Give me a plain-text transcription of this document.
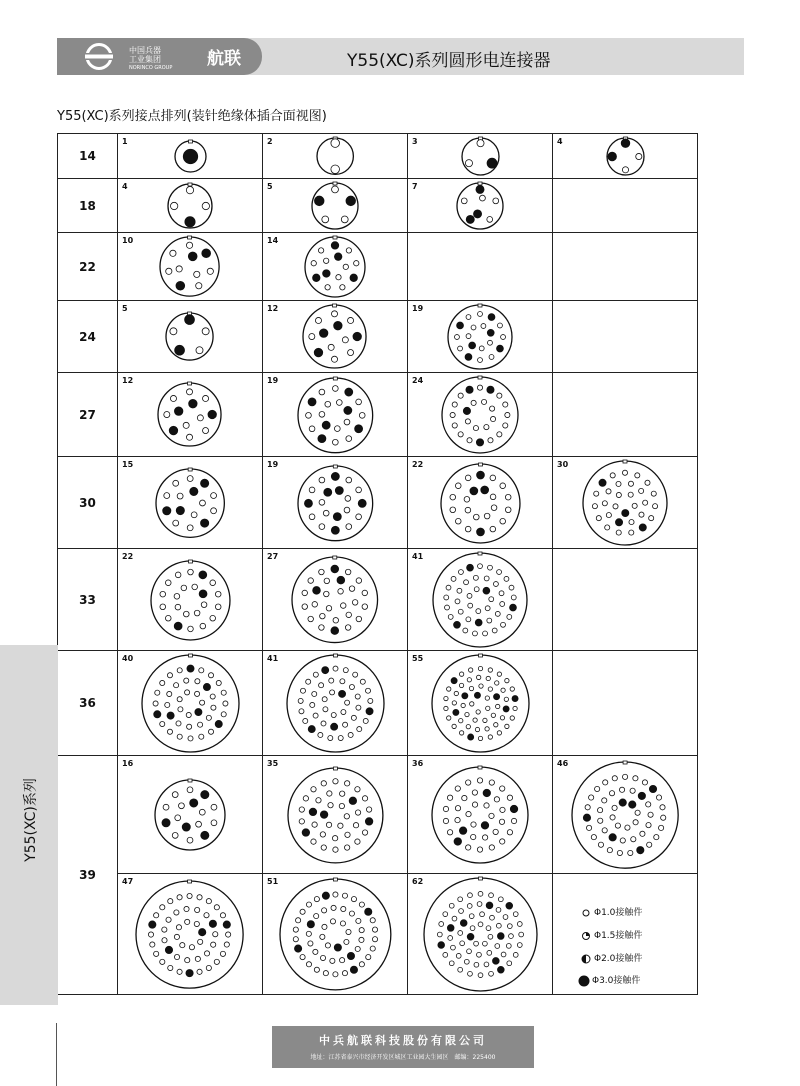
中国兵器
工业集团
NORINCO GROUP 航联	Y55(XC)系列圆形电连接器
Y55(XC)系列接点排列(装针绝缘体插合面视图)
14	1	2	3	4

18	4	5	7	

22	10	14		

24	5	12	19	

27	12	19	24	

30	15	19	22	30

33	22	27	41	

36	40	41	55	

39	16	35	36	46

	47	51	62	

Y55(XC)系列
Φ1.0接触件
Φ1.5接触件
Φ2.0接触件
Φ3.0接触件
中兵航联科技股份有限公司
地址：江苏省泰兴市经济开发区城区工业园大生园区　邮编：225400
